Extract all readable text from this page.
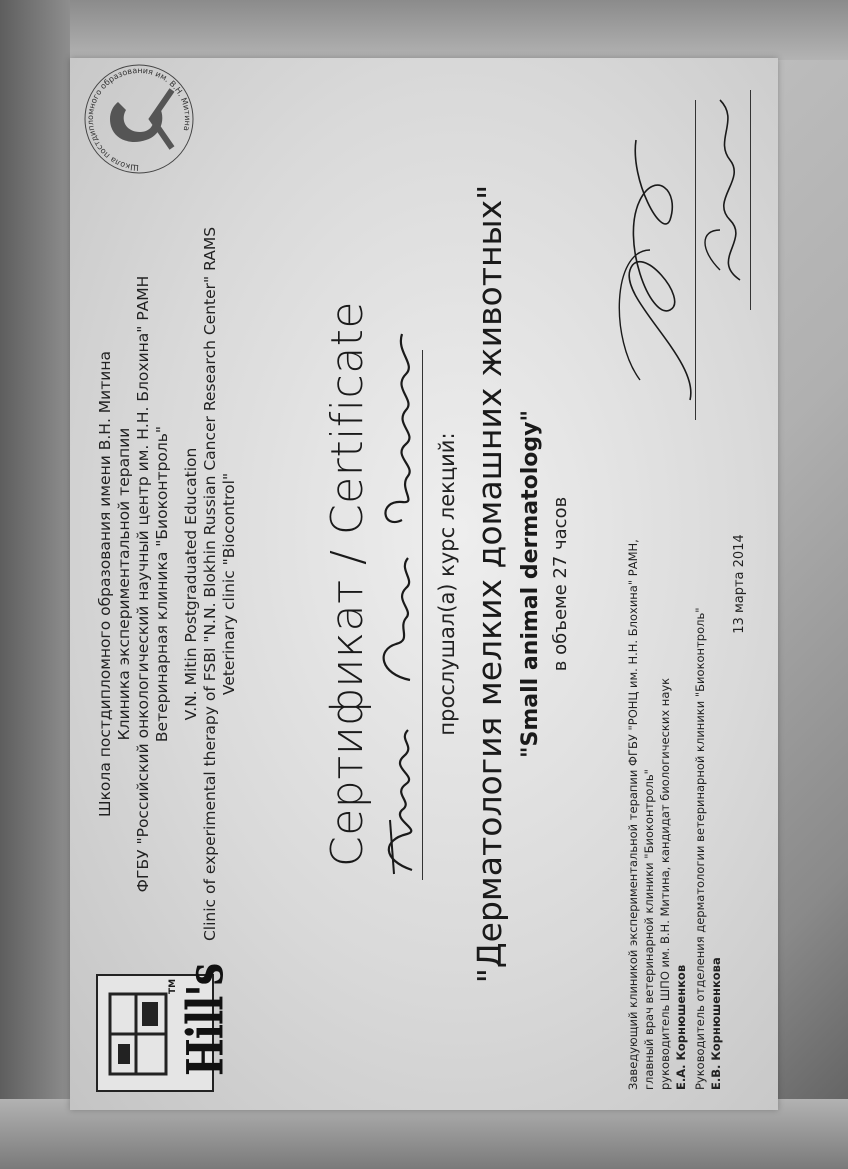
Hill's
TM
Школа постдипломного образования имени В.Н. Митина Клиника экспериментальной терапии ФГБУ "Российский онкологический научный центр им. Н.Н. Блохина" РАМН Ветеринарная клиника "Биоконтроль" V.N. Mitin Postgraduated Education Clinic of experimental therapy of FSBI "N.N. Blokhin Russian Cancer Research Center" RAMS Veterinary clinic "Biocontrol"
Школа постдипломного образования им. В.Н. Митина
Сертификат / Certificate	прослушал(а) курс лекций: "Дерматология мелких домашних животных" "Small animal dermatology" в объеме 27 часов	Заведующий клиникой экспериментальной терапии ФГБУ "РОНЦ им. Н.Н. Блохина" РАМН, главный врач ветеринарной клиники "Биоконтроль" руководитель ШПО им. В.Н. Митина, кандидат биологических наук Е.А. Корнюшенков Руководитель отделения дерматологии ветеринарной клиники "Биоконтроль" Е.В. Корнюшенкова
13 марта 2014
